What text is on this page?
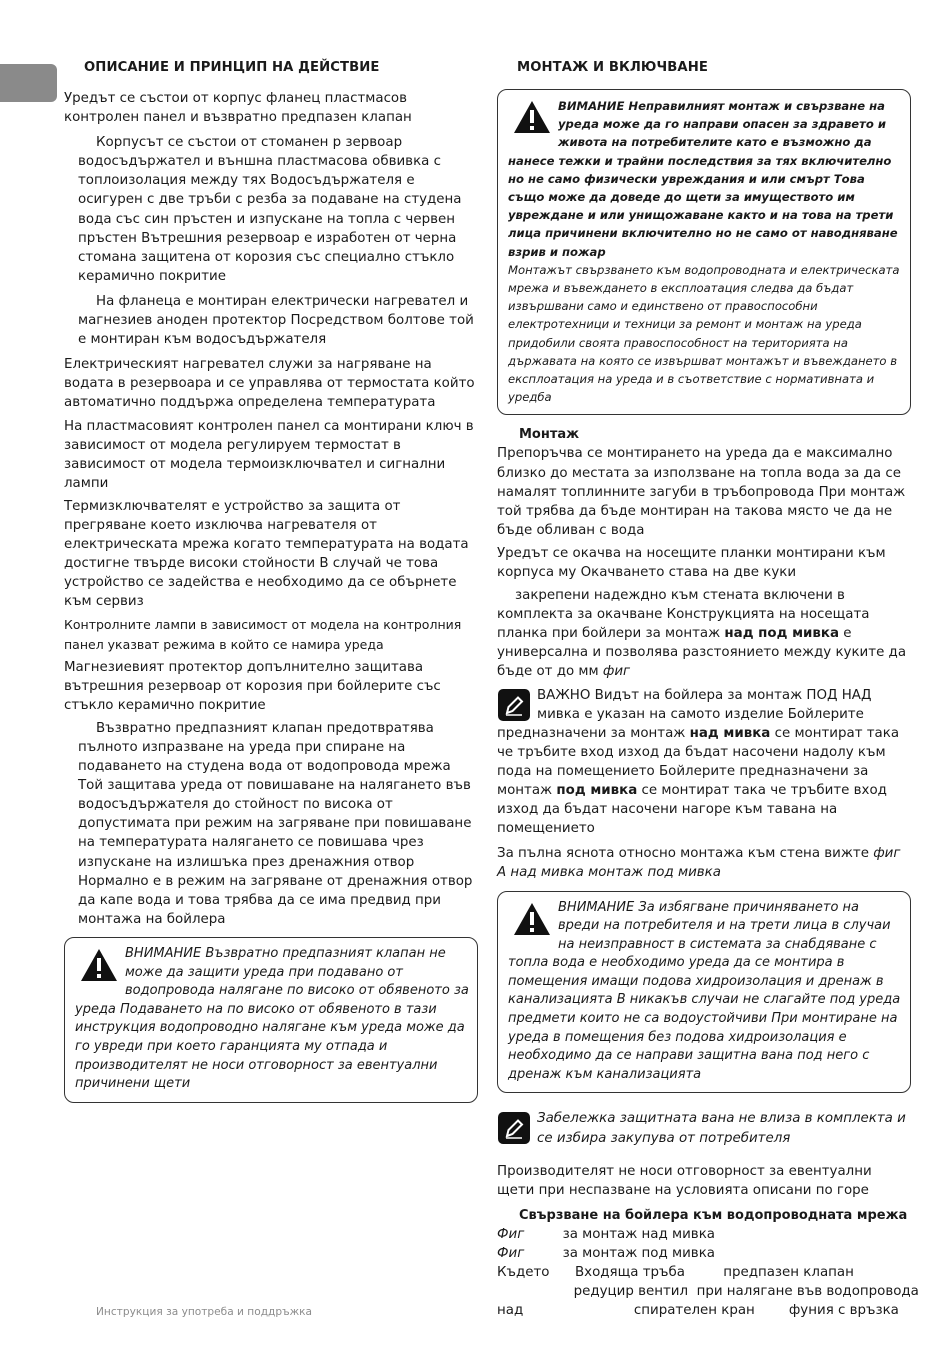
ОПИСАНИЕ И ПРИНЦИП НА ДЕЙСТВИЕ
Уредът се състои от корпус фланец пластмасов контролен панел и възвратно предпазен клапан
Корпусът се състои от стоманен р зервоар водосъдържател и външна пластмасова обвивка с топлоизолация между тях Водосъдържателя е осигурен с две тръби с резба за подаване на студена вода със син пръстен и изпускане на топла с червен пръстен Вътрешния резервоар е изработен от черна стомана защитена от корозия със специално стъкло керамично покритие
На фланеца е монтиран електрически нагревател и магнезиев аноден протектор Посредством болтове той е монтиран към водосъдържателя
Електрическият нагревател служи за нагряване на водата в резервоара и се управлява от термостата който автоматично поддържа определена температурата
На пластмасовият контролен панел са монтирани ключ в зависимост от модела регулируем термостат в зависимост от модела термоизключвател и сигнални лампи
Термизключвателят е устройство за защита от прегряване което изключва нагревателя от електрическата мрежа когато температурата на водата достигне твърде високи стойности В случай че това устройство се задейства е необходимо да се обърнете към сервиз
Контролните лампи в зависимост от модела на контролния панел указват режима в който се намира уреда
Магнезиевият протектор допълнително защитава вътрешния резервоар от корозия при бойлерите със стъкло керамично покритие
Възвратно предпазният клапан предотвратява пълното изпразване на уреда при спиране на подаването на студена вода от водопровода мрежа Той защитава уреда от повишаване на налягането във водосъдържателя до стойност по висока от допустимата при режим на загряване при повишаване на температурата налягането се повишава чрез изпускане на излишъка през дренажния отвор Нормално е в режим на загряване от дренажния отвор да капе вода и това трябва да се има предвид при монтажа на бойлера
ВНИМАНИЕ Възвратно предпазният клапан не може да защити уреда при подавано от водопровода налягане по високо от обявеното за уреда Подаването на по високо от обявеното в тази инструкция водопроводно налягане към уреда може да го увреди при което гаранцията му отпада и производителят не носи отговорност за евентуални причинени щети
МОНТАЖ И ВКЛЮЧВАНЕ
ВИМАНИЕ Неправилният монтаж и свързване на уреда може да го направи опасен за здравето и живота на потребителите като е възможно да нанесе тежки и трайни последствия за тях включително но не само физически увреждания и или смърт Това също може да доведе до щети за имуществото им увреждане и или унищожаване както и на това на трети лица причинени включително но не само от наводняване взрив и пожар
Монтажът свързването към водопроводната и електрическата мрежа и въвеждането в експлоатация следва да бъдат извършвани само и единствено от правоспособни електротехници и техници за ремонт и монтаж на уреда придобили своята правоспособност на територията на държавата на която се извършват монтажът и въвеждането в експлоатация на уреда и в съответствие с нормативната и уредба
Монтаж
Препоръчва се монтирането на уреда да е максимално близко до местата за използване на топла вода за да се намалят топлинните загуби в тръбопровода При монтаж той трябва да бъде монтиран на такова място че да не бъде обливан с вода
Уредът се окачва на носещите планки монтирани към корпуса му Окачването става на две куки
закрепени надеждно към стената включени в комплекта за окачване Конструкцията на носещата планка при бойлери за монтаж над под мивка е универсална и позволява разстоянието между куките да бъде от до мм фиг
ВАЖНО Видът на бойлера за монтаж ПОД НАД мивка е указан на самото изделие Бойлерите предназначени за монтаж над мивка се монтират така че тръбите вход изход да бъдат насочени надолу към пода на помещението Бойлерите предназначени за монтаж под мивка се монтират така че тръбите вход изход да бъдат насочени нагоре към тавана на помещението
За пълна яснота относно монтажа към стена вижте фиг А над мивка монтаж под мивка
ВНИМАНИЕ За избягване причиняването на вреди на потребителя и на трети лица в случаи на неизправност в системата за снабдяване с топла вода е необходимо уреда да се монтира в помещения имащи подова хидроизолация и дренаж в канализацията В никакъв случаи не слагайте под уреда предмети които не са водоустойчиви При монтиране на уреда в помещения без подова хидроизолация е необходимо да се направи защитна вана под него с дренаж към канализацията
Забележка защитната вана не влиза в комплекта и се избира закупува от потребителя
Производителят не носи отговорност за евентуални щети при неспазване на условията описани по горе
Свързване на бойлера към водопроводната мрежа
Фиг         за монтаж над мивка
Фиг         за монтаж под мивка
Където      Входяща тръба         предпазен клапан
редуцир вентил  при налягане във водопровода
над                          спирателен кран        фуния с връзка
Инструкция за употреба и поддръжка
